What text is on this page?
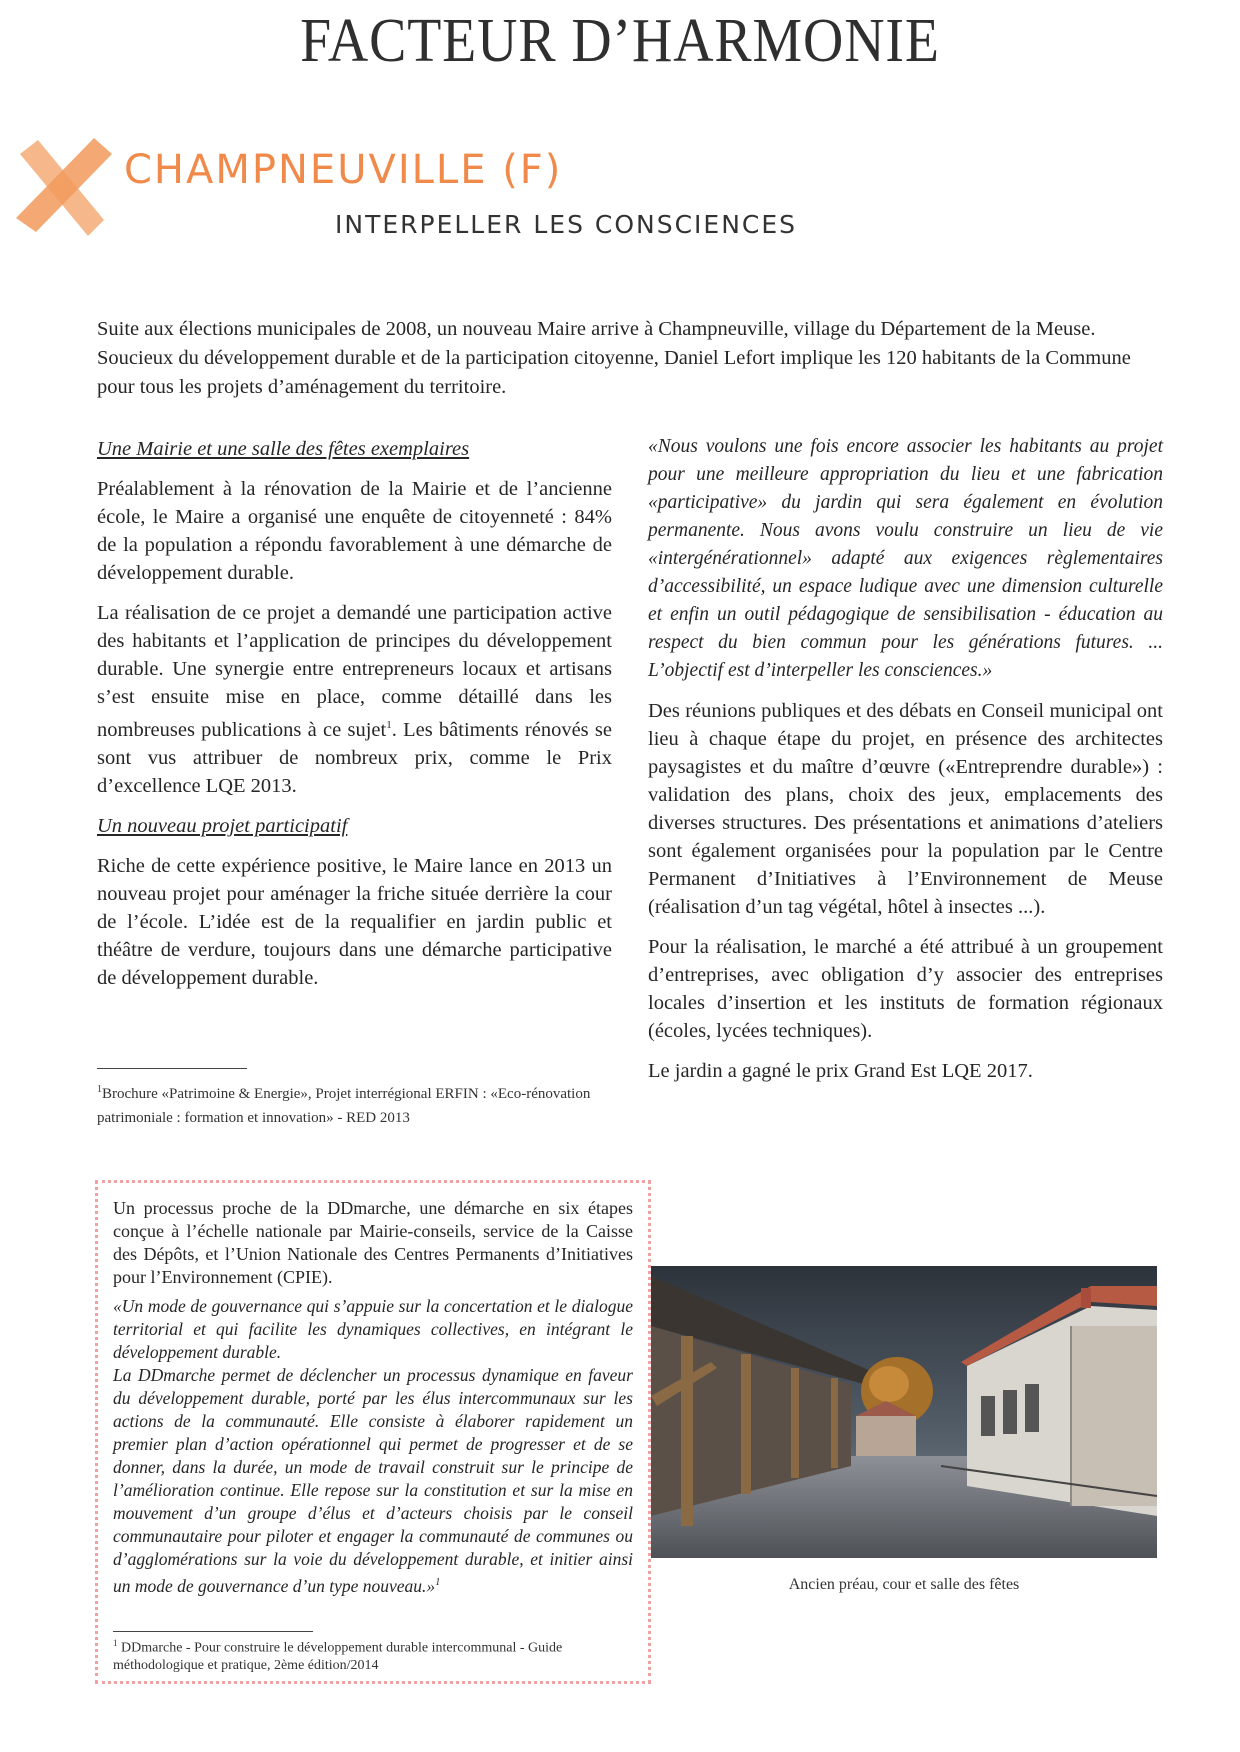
FACTEUR D’HARMONIE
CHAMPNEUVILLE (F)
INTERPELLER LES CONSCIENCES
Suite aux élections municipales de 2008, un nouveau Maire arrive à Champneuville, village du Département de la Meuse. Soucieux du développement durable et de la participation citoyenne, Daniel Lefort implique les 120 habitants de la Commune pour tous les projets d’aménagement du territoire.
Une Mairie et une salle des fêtes exemplaires

Préalablement à la rénovation de la Mairie et de l’ancienne école, le Maire a organisé une enquête de citoyenneté : 84% de la population a répondu favorablement à une démarche de développement durable.

La réalisation de ce projet a demandé une participation active des habitants et l’application de principes du développement durable. Une synergie entre entrepreneurs locaux et artisans s’est ensuite mise en place, comme détaillé dans les nombreuses publications à ce sujet$^1$. Les bâtiments rénovés se sont vus attribuer de nombreux prix, comme le Prix d’excellence LQE 2013.

Un nouveau projet participatif

Riche de cette expérience positive, le Maire lance en 2013 un nouveau projet pour aménager la friche située derrière la cour de l’école. L’idée est de la requalifier en jardin public et théâtre de verdure, toujours dans une démarche participative de développement durable.

$^1$Brochure «Patrimoine & Energie», Projet interrégional ERFIN : «Eco-rénovation patrimoniale : formation et innovation» - RED 2013

«Nous voulons une fois encore associer les habitants au projet pour une meilleure appropriation du lieu et une fabrication «participative» du jardin qui sera également en évolution permanente. Nous avons voulu construire un lieu de vie «intergénérationnel» adapté aux exigences règlementaires d’accessibilité, un espace ludique avec une dimension culturelle et enfin un outil pédagogique de sensibilisation - éducation au respect du bien commun pour les générations futures. ... L’objectif est d’interpeller les consciences.»

Des réunions publiques et des débats en Conseil municipal ont lieu à chaque étape du projet, en présence des architectes paysagistes et du maître d’œuvre («Entreprendre durable») : validation des plans, choix des jeux, emplacements des diverses structures. Des présentations et animations d’ateliers sont également organisées pour la population par le Centre Permanent d’Initiatives à l’Environnement de Meuse (réalisation d’un tag végétal, hôtel à insectes ...).

Pour la réalisation, le marché a été attribué à un groupement d’entreprises, avec obligation d’y associer des entreprises locales d’insertion et les instituts de formation régionaux (écoles, lycées techniques).

Le jardin a gagné le prix Grand Est LQE 2017.

Un processus proche de la DDmarche, une démarche en six étapes conçue à l’échelle nationale par Mairie-conseils, service de la Caisse des Dépôts, et l’Union Nationale des Centres Permanents d’Initiatives pour l’Environnement (CPIE).

«Un mode de gouvernance qui s’appuie sur la concertation et le dialogue territorial et qui facilite les dynamiques collectives, en intégrant le développement durable.

La DDmarche permet de déclencher un processus dynamique en faveur du développement durable, porté par les élus intercommunaux sur les actions de la communauté. Elle consiste à élaborer rapidement un premier plan d’action opérationnel qui permet de progresser et de se donner, dans la durée, un mode de travail construit sur le principe de l’amélioration continue. Elle repose sur la constitution et sur la mise en mouvement d’un groupe d’élus et d’acteurs choisis par le conseil communautaire pour piloter et engager la communauté de communes ou d’agglomérations sur la voie du développement durable, et initier ainsi un mode de gouvernance d’un type nouveau.»$^1$

$^1$ DDmarche - Pour construire le développement durable intercommunal - Guide méthodologique et pratique, 2ème édition/2014
Ancien préau, cour et salle des fêtes
